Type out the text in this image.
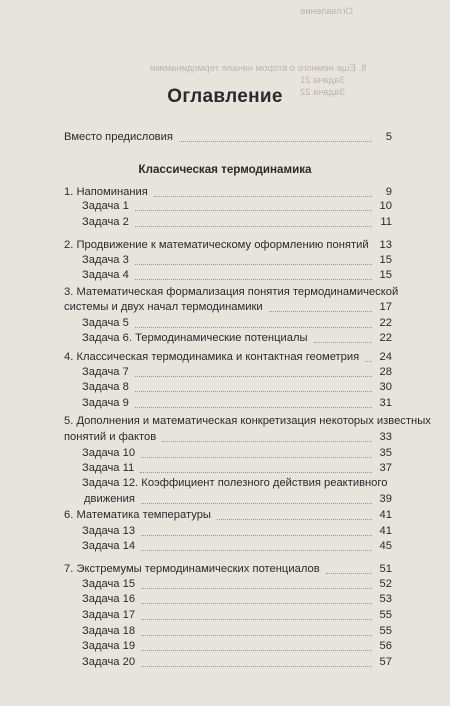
Оглавление
8. Еще немного о втором начале термодинамики
Задача 21
Задача 22
Оглавление
Вместо предисловия	5
Классическая термодинамика
1. Напоминания	9
Задача 1	10
Задача 2	11
2. Продвижение к математическому оформлению понятий 13
Задача 3	15
Задача 4	15
3. Математическая формализация понятия термодинамической
системы и двух начал термодинамики	17
Задача 5	22
Задача 6. Термодинамические потенциалы	22
4. Классическая термодинамика и контактная геометрия 24
Задача 7	28
Задача 8	30
Задача 9	31
5. Дополнения и математическая конкретизация некоторых известных
понятий и фактов	33
Задача 10	35
Задача 11	37
Задача 12. Коэффициент полезного действия реактивного
движения	39
6. Математика температуры	41
Задача 13	41
Задача 14	45
7. Экстремумы термодинамических потенциалов	51
Задача 15	52
Задача 16	53
Задача 17	55
Задача 18	55
Задача 19	56
Задача 20	57
